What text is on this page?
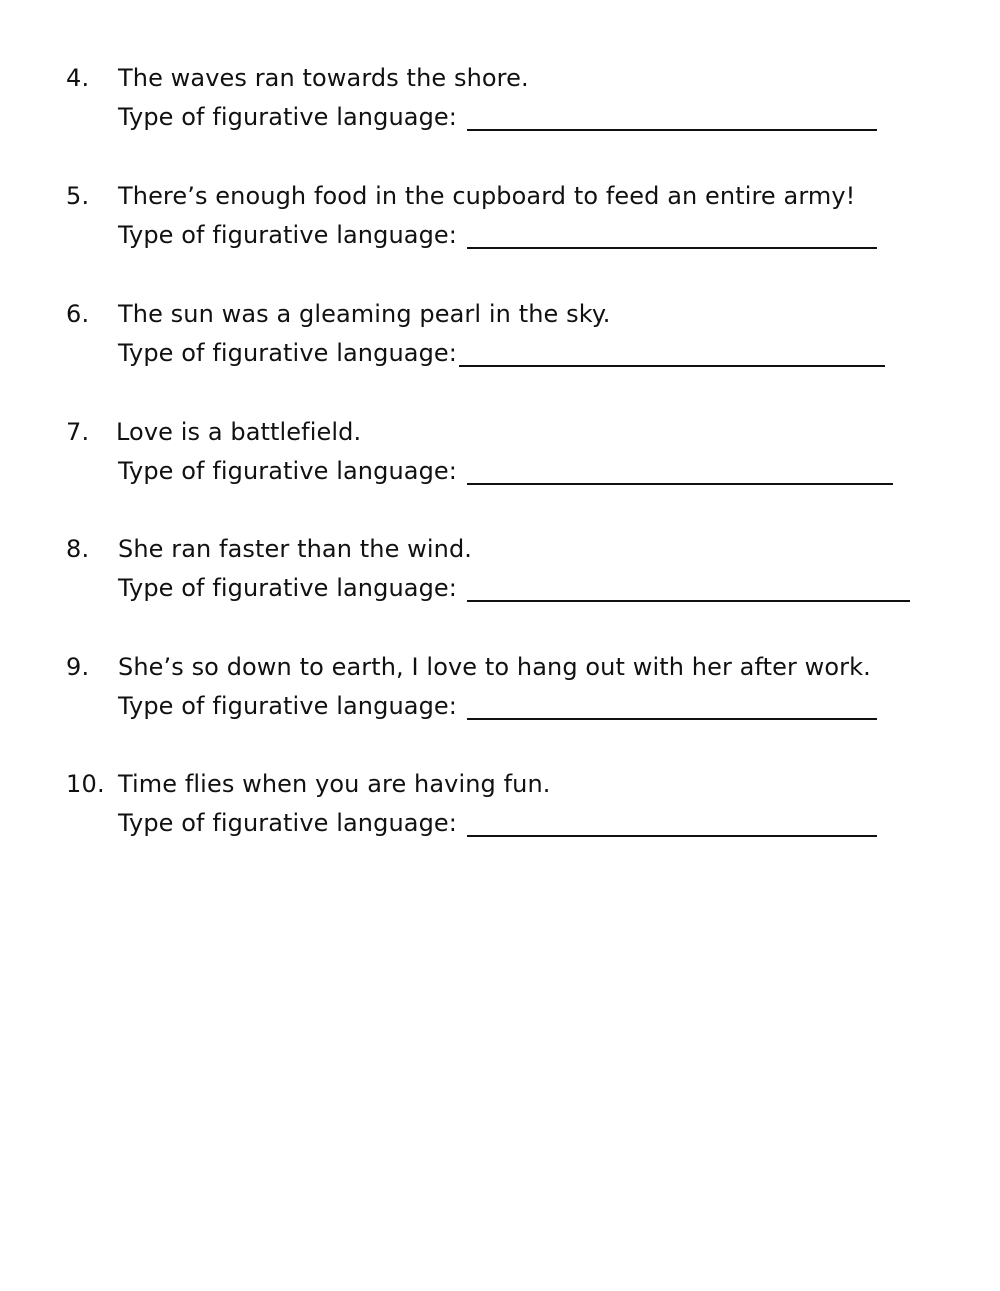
4. The waves ran towards the shore.
Type of figurative language:
5. There’s enough food in the cupboard to feed an entire army!
Type of figurative language:
6. The sun was a gleaming pearl in the sky.
Type of figurative language:
7. Love is a battlefield.
Type of figurative language:
8. She ran faster than the wind.
Type of figurative language:
9. She’s so down to earth, I love to hang out with her after work.
Type of figurative language:
10. Time flies when you are having fun.
Type of figurative language:
